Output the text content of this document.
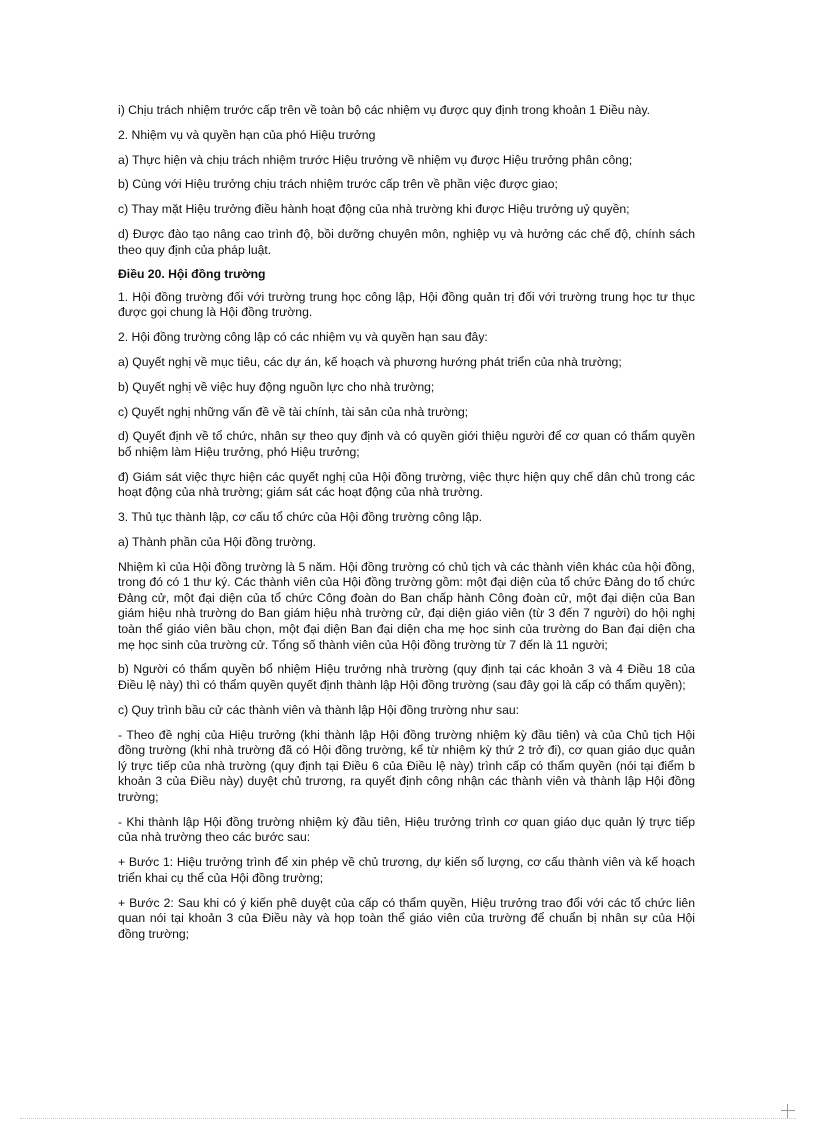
i) Chịu trách nhiệm trước cấp trên về toàn bộ các nhiệm vụ được quy định trong khoản 1 Điều này.

2. Nhiệm vụ và quyền hạn của phó Hiệu trưởng

a) Thực hiện và chịu trách nhiệm trước Hiệu trưởng về nhiệm vụ được Hiệu trưởng phân công;

b) Cùng với Hiệu trưởng chịu trách nhiệm trước cấp trên về phần việc được giao;

c) Thay mặt Hiệu trưởng điều hành hoạt động của nhà trường khi được Hiệu trưởng uỷ quyền;

d) Được đào tạo nâng cao trình độ, bồi dưỡng chuyên môn, nghiệp vụ và hưởng các chế độ, chính sách theo quy định của pháp luật.

Điều 20. Hội đồng trường

1. Hội đồng trường đối với trường trung học công lập, Hội đồng quản trị đối với trường trung học tư thục được gọi chung là Hội đồng trường.

2. Hội đồng trường công lập có các nhiệm vụ và quyền hạn sau đây:

a) Quyết nghị về mục tiêu, các dự án, kế hoạch và phương hướng phát triển của nhà trường;

b) Quyết nghị về việc huy động nguồn lực cho nhà trường;

c) Quyết nghị những vấn đề về tài chính, tài sản của nhà trường;

d) Quyết định về tổ chức, nhân sự theo quy định và có quyền giới thiệu người để cơ quan có thẩm quyền bổ nhiệm làm Hiệu trưởng, phó Hiệu trưởng;

đ) Giám sát việc thực hiện các quyết nghị của Hội đồng trường, việc thực hiện quy chế dân chủ trong các hoạt động của nhà trường; giám sát các hoạt động của nhà trường.

3. Thủ tục thành lập, cơ cấu tổ chức của Hội đồng trường công lập.

a) Thành phần của Hội đồng trường.

Nhiệm kì của Hội đồng trường là 5 năm. Hội đồng trường có chủ tịch và các thành viên khác của hội đồng, trong đó có 1 thư ký. Các thành viên của Hội đồng trường gồm: một đại diện của tổ chức Đảng do tổ chức Đảng cử, một đại diện của tổ chức Công đoàn do Ban chấp hành Công đoàn cử, một đại diện của Ban giám hiệu nhà trường do Ban giám hiệu nhà trường cử, đại diện giáo viên (từ 3 đến 7 người) do hội nghị toàn thể giáo viên bầu chọn, một đại diện Ban đại diện cha mẹ học sinh của trường do Ban đại diện cha mẹ học sinh của trường cử. Tổng số thành viên của Hội đồng trường từ 7 đến là 11 người;

b) Người có thẩm quyền bổ nhiệm Hiệu trưởng nhà trường (quy định tại các khoản 3 và 4 Điều 18 của Điều lệ này) thì có thẩm quyền quyết định thành lập Hội đồng trường (sau đây gọi là cấp có thẩm quyền);

c) Quy trình bầu cử các thành viên và thành lập Hội đồng trường như sau:

- Theo đề nghị của Hiệu trưởng (khi thành lập Hội đồng trường nhiệm kỳ đầu tiên) và của Chủ tịch Hội đồng trường (khi nhà trường đã có Hội đồng trường, kể từ nhiệm kỳ thứ 2 trở đi), cơ quan giáo dục quản lý trực tiếp của nhà trường (quy định tại Điều 6 của Điều lệ này) trình cấp có thẩm quyền (nói tại điểm b khoản 3 của Điều này) duyệt chủ trương, ra quyết định công nhận các thành viên và thành lập Hội đồng trường;

- Khi thành lập Hội đồng trường nhiệm kỳ đầu tiên, Hiệu trưởng trình cơ quan giáo dục quản lý trực tiếp của nhà trường theo các bước sau:

+ Bước 1: Hiệu trưởng trình để xin phép về chủ trương, dự kiến số lượng, cơ cấu thành viên và kế hoạch triển khai cụ thể của Hội đồng trường;

+ Bước 2: Sau khi có ý kiến phê duyệt của cấp có thẩm quyền, Hiệu trưởng trao đổi với các tổ chức liên quan nói tại khoản 3 của Điều này và họp toàn thể giáo viên của trường để chuẩn bị nhân sự của Hội đồng trường;
